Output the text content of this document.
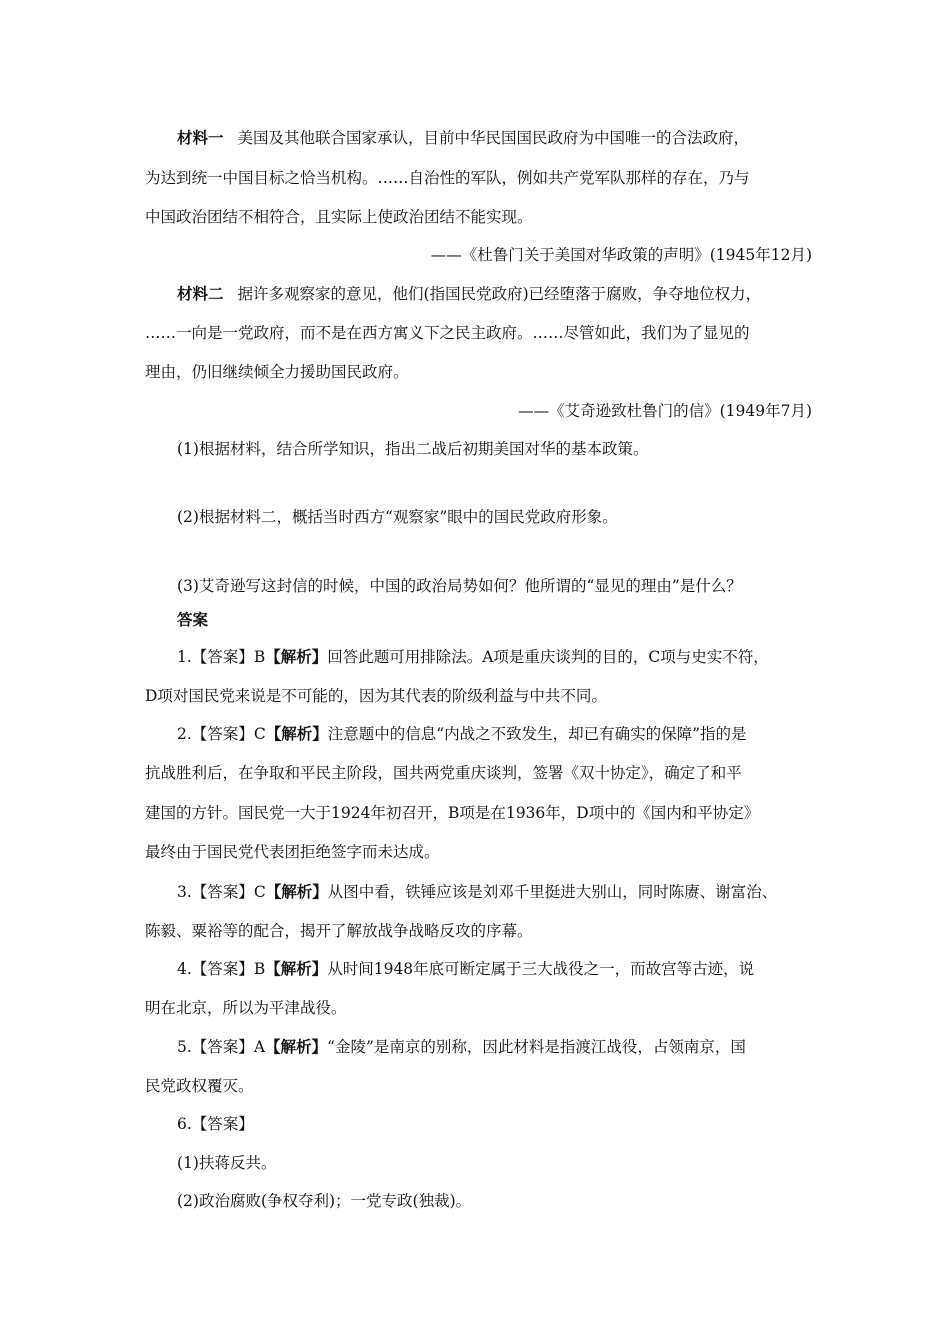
材料一 美国及其他联合国家承认，目前中华民国国民政府为中国唯一的合法政府，
为达到统一中国目标之恰当机构。……自治性的军队，例如共产党军队那样的存在，乃与
中国政治团结不相符合，且实际上使政治团结不能实现。
——《杜鲁门关于美国对华政策的声明》(1945年12月)
材料二 据许多观察家的意见，他们(指国民党政府)已经堕落于腐败，争夺地位权力，
……一向是一党政府，而不是在西方寓义下之民主政府。……尽管如此，我们为了显见的
理由，仍旧继续倾全力援助国民政府。
——《艾奇逊致杜鲁门的信》(1949年7月)
(1)根据材料，结合所学知识，指出二战后初期美国对华的基本政策。
(2)根据材料二，概括当时西方“观察家”眼中的国民党政府形象。
(3)艾奇逊写这封信的时候，中国的政治局势如何？他所谓的“显见的理由”是什么？
答案
1.【答案】B【解析】回答此题可用排除法。A项是重庆谈判的目的，C项与史实不符，
D项对国民党来说是不可能的，因为其代表的阶级利益与中共不同。
2.【答案】C【解析】注意题中的信息“内战之不致发生，却已有确实的保障”指的是
抗战胜利后，在争取和平民主阶段，国共两党重庆谈判，签署《双十协定》，确定了和平
建国的方针。国民党一大于1924年初召开，B项是在1936年，D项中的《国内和平协定》
最终由于国民党代表团拒绝签字而未达成。
3.【答案】C【解析】从图中看，铁锤应该是刘邓千里挺进大别山，同时陈赓、谢富治、
陈毅、粟裕等的配合，揭开了解放战争战略反攻的序幕。
4.【答案】B【解析】从时间1948年底可断定属于三大战役之一，而故宫等古迹，说
明在北京，所以为平津战役。
5.【答案】A【解析】“金陵”是南京的别称，因此材料是指渡江战役，占领南京，国
民党政权覆灭。
6.【答案】
(1)扶蒋反共。
(2)政治腐败(争权夺利)；一党专政(独裁)。
